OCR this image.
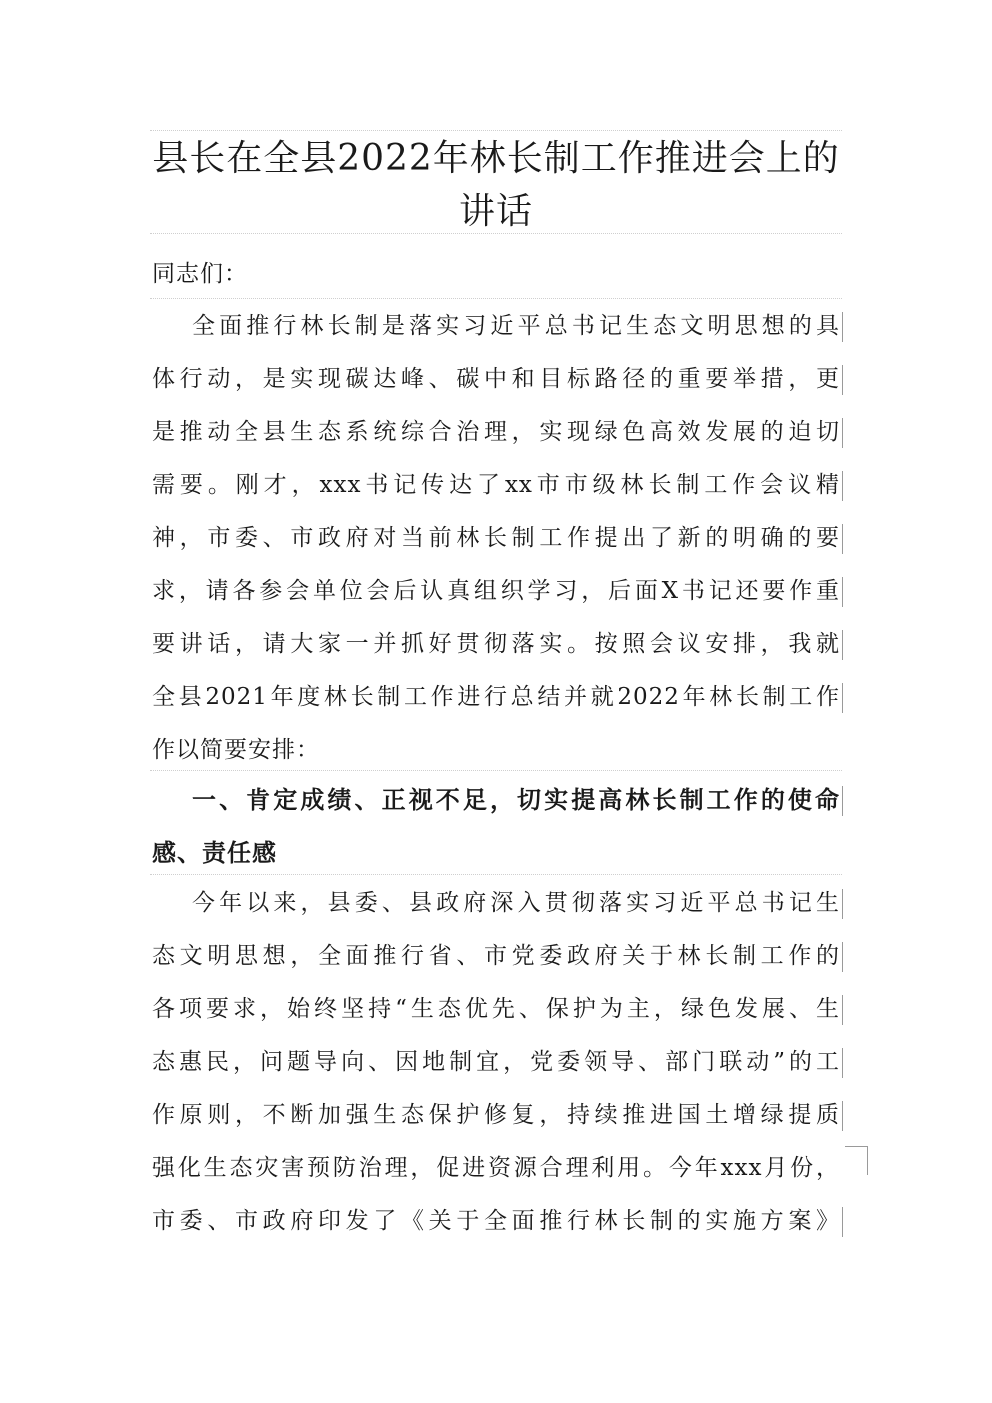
县长在全县2022年林长制工作推进会上的
讲话
同志们：
全面推行林长制是落实习近平总书记生态文明思想的具
体行动，是实现碳达峰、碳中和目标路径的重要举措，更
是推动全县生态系统综合治理，实现绿色高效发展的迫切
需要。刚才，xxx书记传达了xx市市级林长制工作会议精
神，市委、市政府对当前林长制工作提出了新的明确的要
求，请各参会单位会后认真组织学习，后面X书记还要作重
要讲话，请大家一并抓好贯彻落实。按照会议安排，我就
全县2021年度林长制工作进行总结并就2022年林长制工作
作以简要安排：
一、肯定成绩、正视不足，切实提高林长制工作的使命
感、责任感
今年以来，县委、县政府深入贯彻落实习近平总书记生
态文明思想，全面推行省、市党委政府关于林长制工作的
各项要求，始终坚持“生态优先、保护为主，绿色发展、生
态惠民，问题导向、因地制宜，党委领导、部门联动”的工
作原则，不断加强生态保护修复，持续推进国土增绿提质
强化生态灾害预防治理，促进资源合理利用。今年xxx月份，
市委、市政府印发了《关于全面推行林长制的实施方案》
